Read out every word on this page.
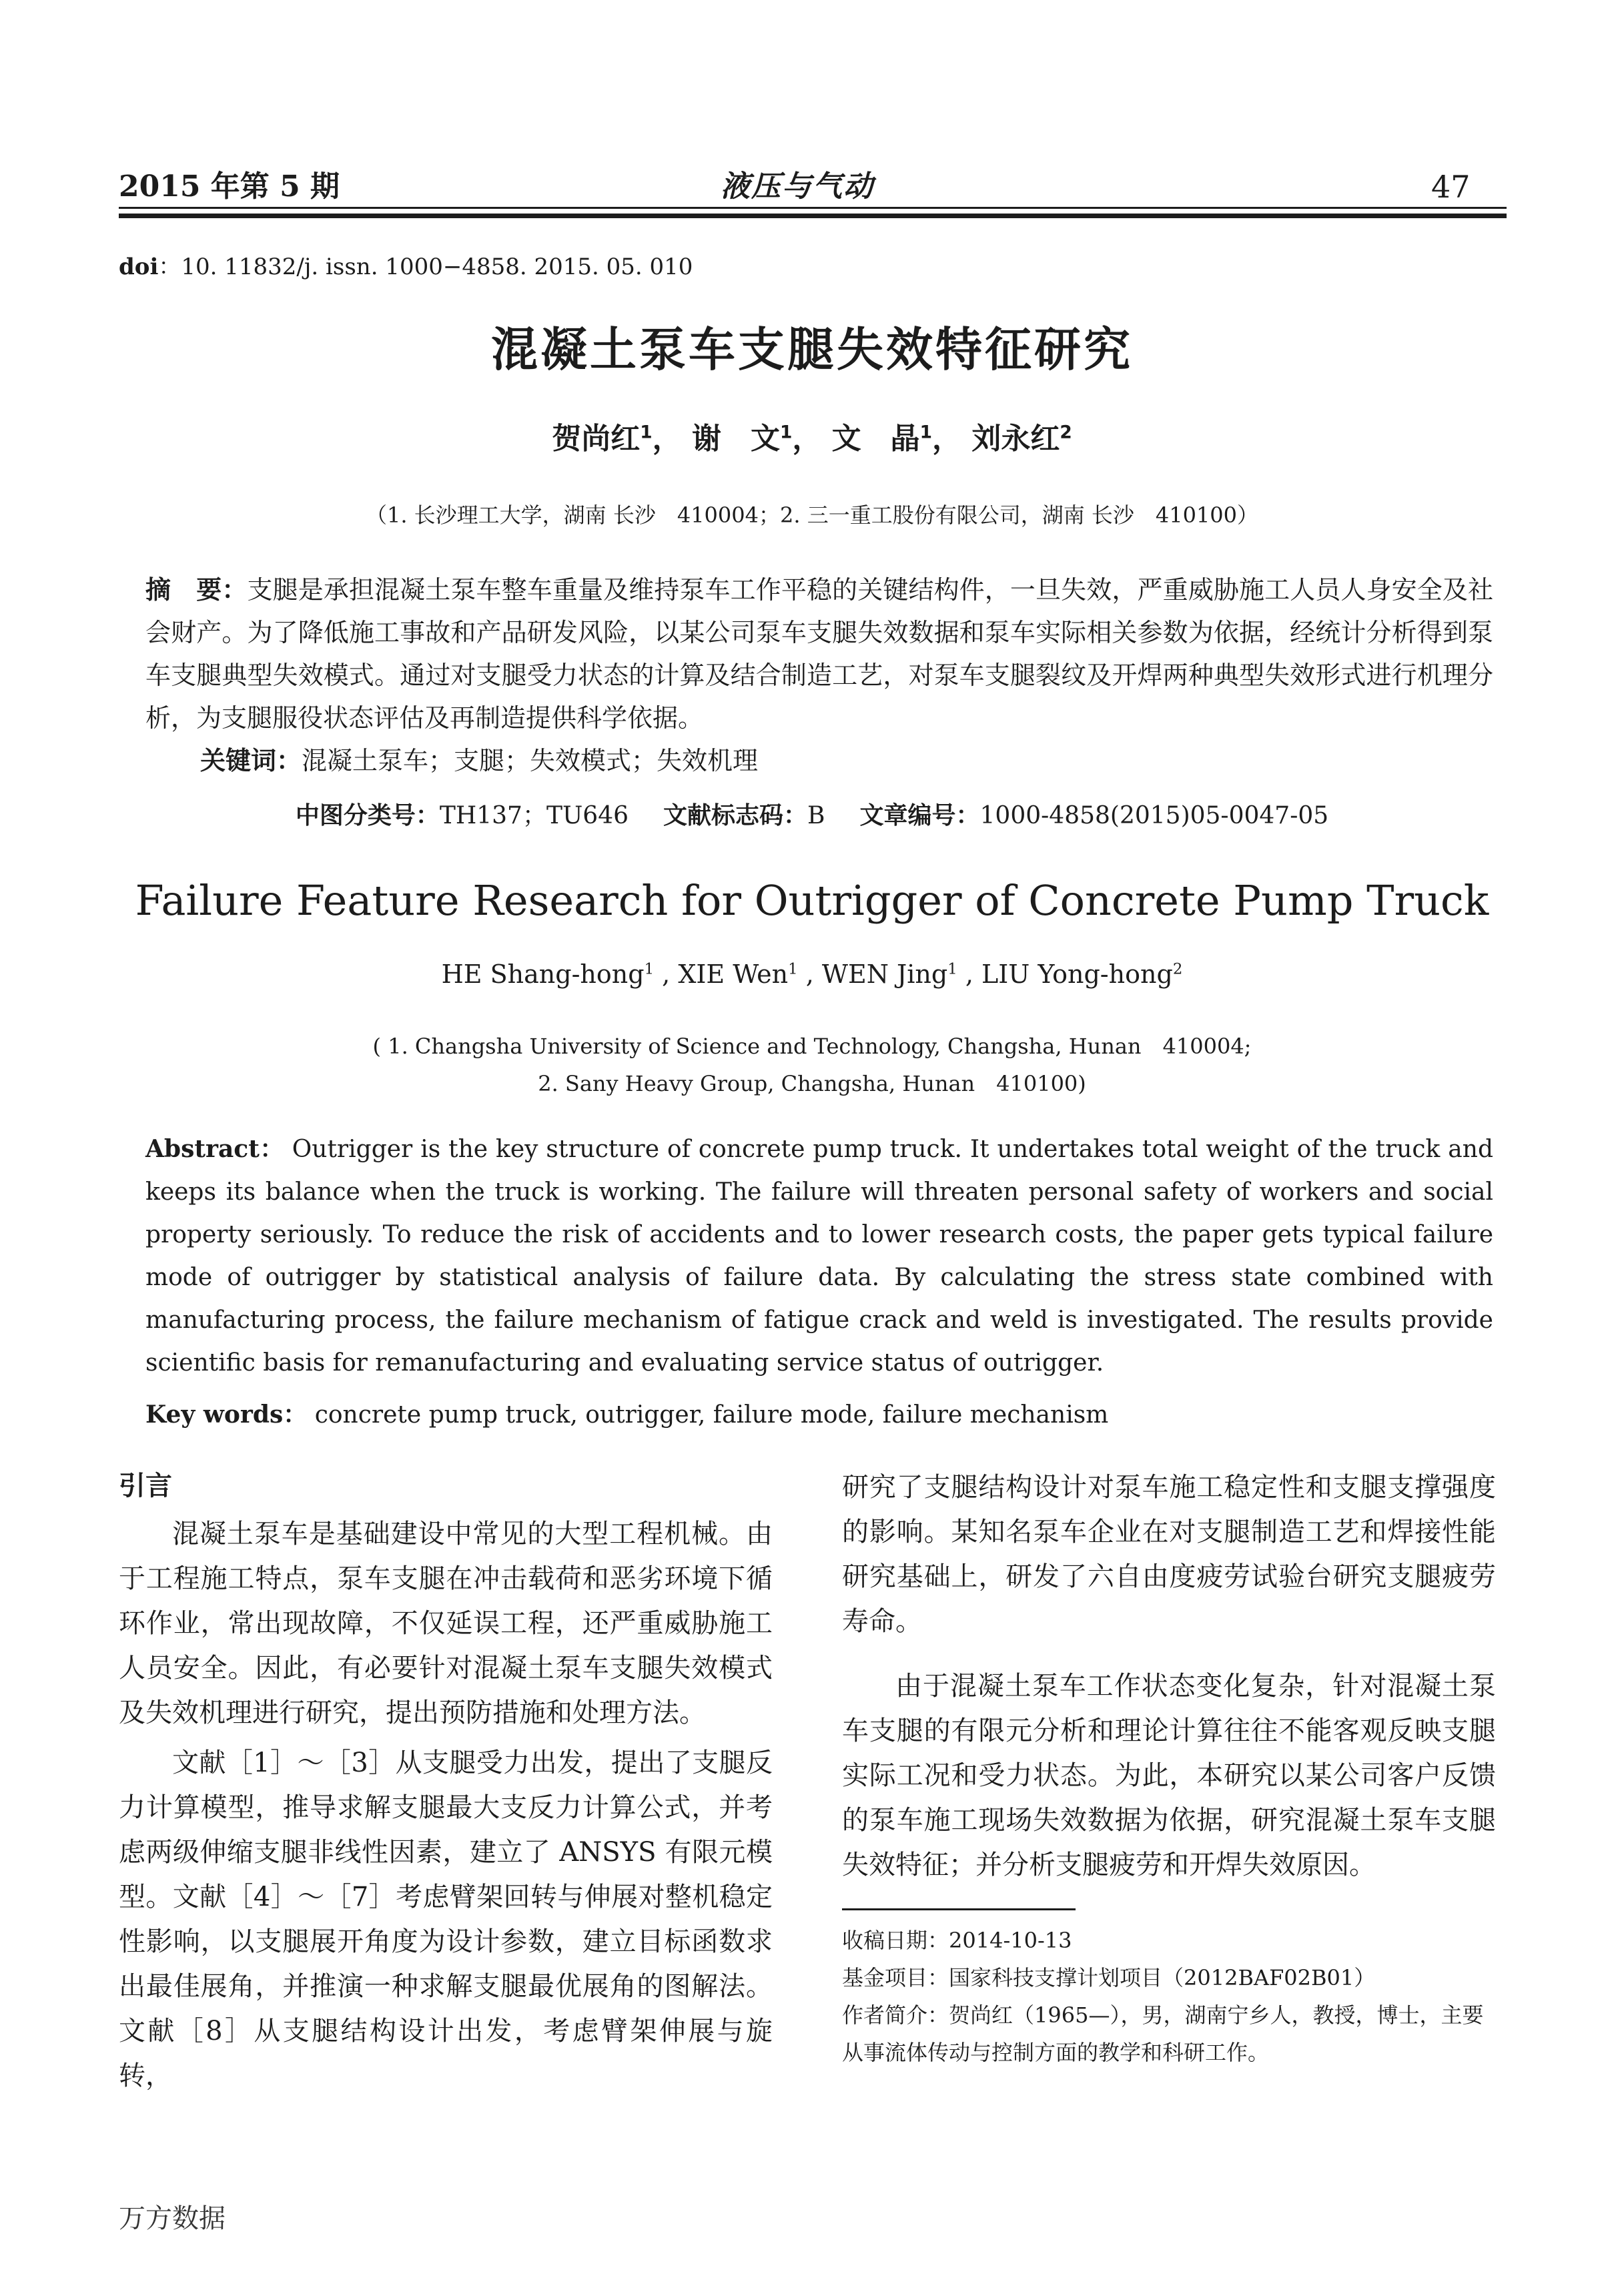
2015 年第 5 期	液压与气动	47
doi：10. 11832/j. issn. 1000−4858. 2015. 05. 010
混凝土泵车支腿失效特征研究
贺尚红$^1$， 谢　文$^1$， 文　晶$^1$， 刘永红$^2$
（1. 长沙理工大学，湖南 长沙　410004；2. 三一重工股份有限公司，湖南 长沙　410100）
摘　要：支腿是承担混凝土泵车整车重量及维持泵车工作平稳的关键结构件，一旦失效，严重威胁施工人员人身安全及社会财产。为了降低施工事故和产品研发风险，以某公司泵车支腿失效数据和泵车实际相关参数为依据，经统计分析得到泵车支腿典型失效模式。通过对支腿受力状态的计算及结合制造工艺，对泵车支腿裂纹及开焊两种典型失效形式进行机理分析，为支腿服役状态评估及再制造提供科学依据。
关键词：混凝土泵车；支腿；失效模式；失效机理
中图分类号：TH137；TU646 文献标志码：B 文章编号：1000-4858(2015)05-0047-05
Failure Feature Research for Outrigger of Concrete Pump Truck
HE Shang-hong$^1$ , XIE Wen$^1$ , WEN Jing$^1$ , LIU Yong-hong$^2$
( 1. Changsha University of Science and Technology, Changsha, Hunan　410004;
2. Sany Heavy Group, Changsha, Hunan　410100)
Abstract： Outrigger is the key structure of concrete pump truck. It undertakes total weight of the truck and keeps its balance when the truck is working. The failure will threaten personal safety of workers and social property seriously. To reduce the risk of accidents and to lower research costs, the paper gets typical failure mode of outrigger by statistical analysis of failure data. By calculating the stress state combined with manufacturing process, the failure mechanism of fatigue crack and weld is investigated. The results provide scientific basis for remanufacturing and evaluating service status of outrigger.
Key words： concrete pump truck, outrigger, failure mode, failure mechanism
引言

混凝土泵车是基础建设中常见的大型工程机械。由于工程施工特点，泵车支腿在冲击载荷和恶劣环境下循环作业，常出现故障，不仅延误工程，还严重威胁施工人员安全。因此，有必要针对混凝土泵车支腿失效模式及失效机理进行研究，提出预防措施和处理方法。

文献［1］～［3］从支腿受力出发，提出了支腿反力计算模型，推导求解支腿最大支反力计算公式，并考虑两级伸缩支腿非线性因素，建立了 ANSYS 有限元模型。文献［4］～［7］考虑臂架回转与伸展对整机稳定性影响，以支腿展开角度为设计参数，建立目标函数求出最佳展角，并推演一种求解支腿最优展角的图解法。文献［8］从支腿结构设计出发，考虑臂架伸展与旋转，

研究了支腿结构设计对泵车施工稳定性和支腿支撑强度的影响。某知名泵车企业在对支腿制造工艺和焊接性能研究基础上，研发了六自由度疲劳试验台研究支腿疲劳寿命。

由于混凝土泵车工作状态变化复杂，针对混凝土泵车支腿的有限元分析和理论计算往往不能客观反映支腿实际工况和受力状态。为此，本研究以某公司客户反馈的泵车施工现场失效数据为依据，研究混凝土泵车支腿失效特征；并分析支腿疲劳和开焊失效原因。

收稿日期：2014-10-13
基金项目：国家科技支撑计划项目（2012BAF02B01）
作者简介：贺尚红（1965—），男，湖南宁乡人，教授，博士，主要从事流体传动与控制方面的教学和科研工作。
万方数据
